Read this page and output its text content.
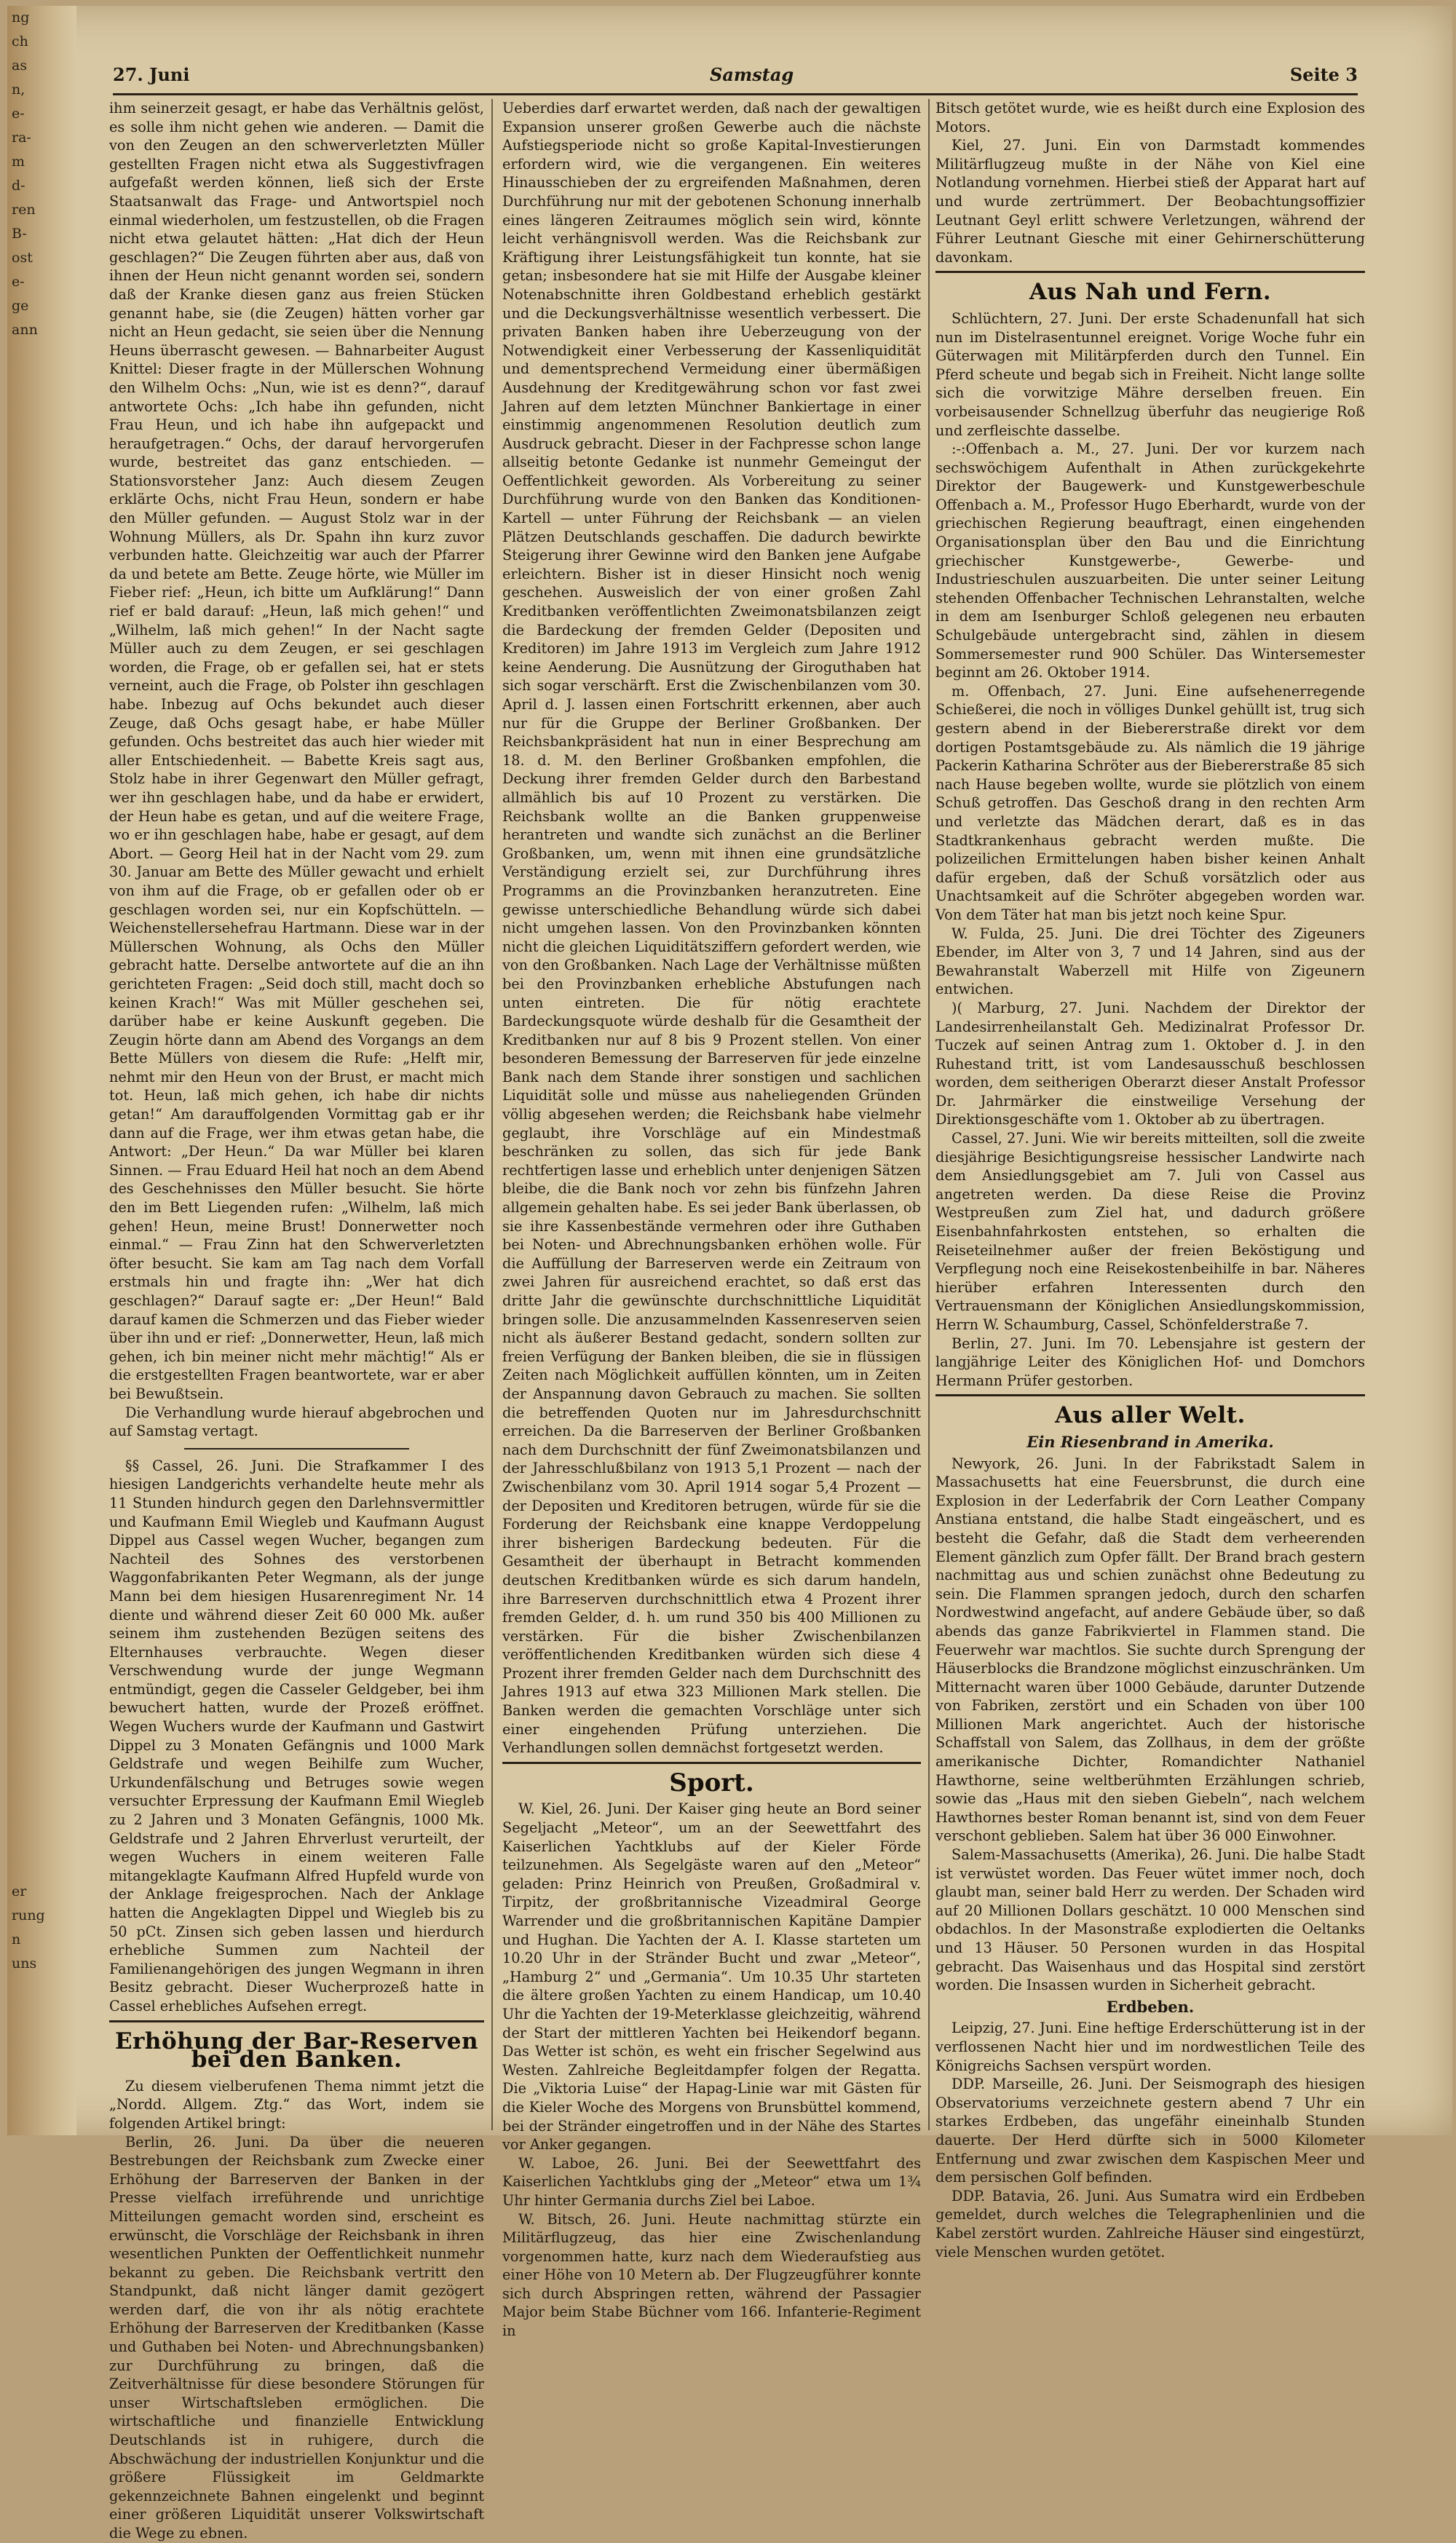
ng
ch
as
n,
e-
ra-
m
d-
ren
B-
ost
e-
ge
ann

er
rung
n
uns

27. Juni	Samstag	Seite 3

ihm seinerzeit gesagt, er habe das Verhältnis gelöst, es solle ihm nicht gehen wie anderen. — Damit die von den Zeugen an den schwerverletzten Müller gestellten Fragen nicht etwa als Suggestivfragen aufgefaßt werden können, ließ sich der Erste Staatsanwalt das Frage- und Antwortspiel noch einmal wiederholen, um festzustellen, ob die Fragen nicht etwa gelautet hätten: „Hat dich der Heun geschlagen?“ Die Zeugen führten aber aus, daß von ihnen der Heun nicht genannt worden sei, sondern daß der Kranke diesen ganz aus freien Stücken genannt habe, sie (die Zeugen) hätten vorher gar nicht an Heun gedacht, sie seien über die Nennung Heuns überrascht gewesen. — Bahnarbeiter August Knittel: Dieser fragte in der Müllerschen Wohnung den Wilhelm Ochs: „Nun, wie ist es denn?“, darauf antwortete Ochs: „Ich habe ihn gefunden, nicht Frau Heun, und ich habe ihn aufgepackt und heraufgetragen.“ Ochs, der darauf hervorgerufen wurde, bestreitet das ganz entschieden. — Stationsvorsteher Janz: Auch diesem Zeugen erklärte Ochs, nicht Frau Heun, sondern er habe den Müller gefunden. — August Stolz war in der Wohnung Müllers, als Dr. Spahn ihn kurz zuvor verbunden hatte. Gleichzeitig war auch der Pfarrer da und betete am Bette. Zeuge hörte, wie Müller im Fieber rief: „Heun, ich bitte um Aufklärung!“ Dann rief er bald darauf: „Heun, laß mich gehen!“ und „Wilhelm, laß mich gehen!“ In der Nacht sagte Müller auch zu dem Zeugen, er sei geschlagen worden, die Frage, ob er gefallen sei, hat er stets verneint, auch die Frage, ob Polster ihn geschlagen habe. Inbezug auf Ochs bekundet auch dieser Zeuge, daß Ochs gesagt habe, er habe Müller gefunden. Ochs bestreitet das auch hier wieder mit aller Entschiedenheit. — Babette Kreis sagt aus, Stolz habe in ihrer Gegenwart den Müller gefragt, wer ihn geschlagen habe, und da habe er erwidert, der Heun habe es getan, und auf die weitere Frage, wo er ihn geschlagen habe, habe er gesagt, auf dem Abort. — Georg Heil hat in der Nacht vom 29. zum 30. Januar am Bette des Müller gewacht und erhielt von ihm auf die Frage, ob er gefallen oder ob er geschlagen worden sei, nur ein Kopfschütteln. — Weichenstellersehefrau Hartmann. Diese war in der Müllerschen Wohnung, als Ochs den Müller gebracht hatte. Derselbe antwortete auf die an ihn gerichteten Fragen: „Seid doch still, macht doch so keinen Krach!“ Was mit Müller geschehen sei, darüber habe er keine Auskunft gegeben. Die Zeugin hörte dann am Abend des Vorgangs an dem Bette Müllers von diesem die Rufe: „Helft mir, nehmt mir den Heun von der Brust, er macht mich tot. Heun, laß mich gehen, ich habe dir nichts getan!“ Am darauffolgenden Vormittag gab er ihr dann auf die Frage, wer ihm etwas getan habe, die Antwort: „Der Heun.“ Da war Müller bei klaren Sinnen. — Frau Eduard Heil hat noch an dem Abend des Geschehnisses den Müller besucht. Sie hörte den im Bett Liegenden rufen: „Wilhelm, laß mich gehen! Heun, meine Brust! Donnerwetter noch einmal.“ — Frau Zinn hat den Schwerverletzten öfter besucht. Sie kam am Tag nach dem Vorfall erstmals hin und fragte ihn: „Wer hat dich geschlagen?“ Darauf sagte er: „Der Heun!“ Bald darauf kamen die Schmerzen und das Fieber wieder über ihn und er rief: „Donnerwetter, Heun, laß mich gehen, ich bin meiner nicht mehr mächtig!“ Als er die erstgestellten Fragen beantwortete, war er aber bei Bewußtsein.

Die Verhandlung wurde hierauf abgebrochen und auf Samstag vertagt.

§§ Cassel, 26. Juni. Die Strafkammer I des hiesigen Landgerichts verhandelte heute mehr als 11 Stunden hindurch gegen den Darlehnsvermittler und Kaufmann Emil Wiegleb und Kaufmann August Dippel aus Cassel wegen Wucher, begangen zum Nachteil des Sohnes des verstorbenen Waggonfabrikanten Peter Wegmann, als der junge Mann bei dem hiesigen Husarenregiment Nr. 14 diente und während dieser Zeit 60 000 Mk. außer seinem ihm zustehenden Bezügen seitens des Elternhauses verbrauchte. Wegen dieser Verschwendung wurde der junge Wegmann entmündigt, gegen die Casseler Geldgeber, bei ihm bewuchert hatten, wurde der Prozeß eröffnet. Wegen Wuchers wurde der Kaufmann und Gastwirt Dippel zu 3 Monaten Gefängnis und 1000 Mark Geldstrafe und wegen Beihilfe zum Wucher, Urkundenfälschung und Betruges sowie wegen versuchter Erpressung der Kaufmann Emil Wiegleb zu 2 Jahren und 3 Monaten Gefängnis, 1000 Mk. Geldstrafe und 2 Jahren Ehrverlust verurteilt, der wegen Wuchers in einem weiteren Falle mitangeklagte Kaufmann Alfred Hupfeld wurde von der Anklage freigesprochen. Nach der Anklage hatten die Angeklagten Dippel und Wiegleb bis zu 50 pCt. Zinsen sich geben lassen und hierdurch erhebliche Summen zum Nachteil der Familienangehörigen des jungen Wegmann in ihren Besitz gebracht. Dieser Wucherprozeß hatte in Cassel erhebliches Aufsehen erregt.

Erhöhung der Bar-Reserven bei den Banken.

Zu diesem vielberufenen Thema nimmt jetzt die „Nordd. Allgem. Ztg.“ das Wort, indem sie folgenden Artikel bringt:

Berlin, 26. Juni. Da über die neueren Bestrebungen der Reichsbank zum Zwecke einer Erhöhung der Barreserven der Banken in der Presse vielfach irreführende und unrichtige Mitteilungen gemacht worden sind, erscheint es erwünscht, die Vorschläge der Reichsbank in ihren wesentlichen Punkten der Oeffentlichkeit nunmehr bekannt zu geben. Die Reichsbank vertritt den Standpunkt, daß nicht länger damit gezögert werden darf, die von ihr als nötig erachtete Erhöhung der Barreserven der Kreditbanken (Kasse und Guthaben bei Noten- und Abrechnungsbanken) zur Durchführung zu bringen, daß die Zeitverhältnisse für diese besondere Störungen für unser Wirtschaftsleben ermöglichen. Die wirtschaftliche und finanzielle Entwicklung Deutschlands ist in ruhigere, durch die Abschwächung der industriellen Konjunktur und die größere Flüssigkeit im Geldmarkte gekennzeichnete Bahnen eingelenkt und beginnt einer größeren Liquidität unserer Volkswirtschaft die Wege zu ebnen.

Ueberdies darf erwartet werden, daß nach der gewaltigen Expansion unserer großen Gewerbe auch die nächste Aufstiegsperiode nicht so große Kapital-Investierungen erfordern wird, wie die vergangenen. Ein weiteres Hinausschieben der zu ergreifenden Maßnahmen, deren Durchführung nur mit der gebotenen Schonung innerhalb eines längeren Zeitraumes möglich sein wird, könnte leicht verhängnisvoll werden. Was die Reichsbank zur Kräftigung ihrer Leistungsfähigkeit tun konnte, hat sie getan; insbesondere hat sie mit Hilfe der Ausgabe kleiner Notenabschnitte ihren Goldbestand erheblich gestärkt und die Deckungsverhältnisse wesentlich verbessert. Die privaten Banken haben ihre Ueberzeugung von der Notwendigkeit einer Verbesserung der Kassenliquidität und dementsprechend Vermeidung einer übermäßigen Ausdehnung der Kreditgewährung schon vor fast zwei Jahren auf dem letzten Münchner Bankiertage in einer einstimmig angenommenen Resolution deutlich zum Ausdruck gebracht. Dieser in der Fachpresse schon lange allseitig betonte Gedanke ist nunmehr Gemeingut der Oeffentlichkeit geworden. Als Vorbereitung zu seiner Durchführung wurde von den Banken das Konditionen-Kartell — unter Führung der Reichsbank — an vielen Plätzen Deutschlands geschaffen. Die dadurch bewirkte Steigerung ihrer Gewinne wird den Banken jene Aufgabe erleichtern. Bisher ist in dieser Hinsicht noch wenig geschehen. Ausweislich der von einer großen Zahl Kreditbanken veröffentlichten Zweimonatsbilanzen zeigt die Bardeckung der fremden Gelder (Depositen und Kreditoren) im Jahre 1913 im Vergleich zum Jahre 1912 keine Aenderung. Die Ausnützung der Giroguthaben hat sich sogar verschärft. Erst die Zwischenbilanzen vom 30. April d. J. lassen einen Fortschritt erkennen, aber auch nur für die Gruppe der Berliner Großbanken. Der Reichsbankpräsident hat nun in einer Besprechung am 18. d. M. den Berliner Großbanken empfohlen, die Deckung ihrer fremden Gelder durch den Barbestand allmählich bis auf 10 Prozent zu verstärken. Die Reichsbank wollte an die Banken gruppenweise herantreten und wandte sich zunächst an die Berliner Großbanken, um, wenn mit ihnen eine grundsätzliche Verständigung erzielt sei, zur Durchführung ihres Programms an die Provinzbanken heranzutreten. Eine gewisse unterschiedliche Behandlung würde sich dabei nicht umgehen lassen. Von den Provinzbanken könnten nicht die gleichen Liquiditätsziffern gefordert werden, wie von den Großbanken. Nach Lage der Verhältnisse müßten bei den Provinzbanken erhebliche Abstufungen nach unten eintreten. Die für nötig erachtete Bardeckungsquote würde deshalb für die Gesamtheit der Kreditbanken nur auf 8 bis 9 Prozent stellen. Von einer besonderen Bemessung der Barreserven für jede einzelne Bank nach dem Stande ihrer sonstigen und sachlichen Liquidität solle und müsse aus naheliegenden Gründen völlig abgesehen werden; die Reichsbank habe vielmehr geglaubt, ihre Vorschläge auf ein Mindestmaß beschränken zu sollen, das sich für jede Bank rechtfertigen lasse und erheblich unter denjenigen Sätzen bleibe, die die Bank noch vor zehn bis fünfzehn Jahren allgemein gehalten habe. Es sei jeder Bank überlassen, ob sie ihre Kassenbestände vermehren oder ihre Guthaben bei Noten- und Abrechnungsbanken erhöhen wolle. Für die Auffüllung der Barreserven werde ein Zeitraum von zwei Jahren für ausreichend erachtet, so daß erst das dritte Jahr die gewünschte durchschnittliche Liquidität bringen solle. Die anzusammelnden Kassenreserven seien nicht als äußerer Bestand gedacht, sondern sollten zur freien Verfügung der Banken bleiben, die sie in flüssigen Zeiten nach Möglichkeit auffüllen könnten, um in Zeiten der Anspannung davon Gebrauch zu machen. Sie sollten die betreffenden Quoten nur im Jahresdurchschnitt erreichen. Da die Barreserven der Berliner Großbanken nach dem Durchschnitt der fünf Zweimonatsbilanzen und der Jahresschlußbilanz von 1913 5,1 Prozent — nach der Zwischenbilanz vom 30. April 1914 sogar 5,4 Prozent — der Depositen und Kreditoren betrugen, würde für sie die Forderung der Reichsbank eine knappe Verdoppelung ihrer bisherigen Bardeckung bedeuten. Für die Gesamtheit der überhaupt in Betracht kommenden deutschen Kreditbanken würde es sich darum handeln, ihre Barreserven durchschnittlich etwa 4 Prozent ihrer fremden Gelder, d. h. um rund 350 bis 400 Millionen zu verstärken. Für die bisher Zwischenbilanzen veröffentlichenden Kreditbanken würden sich diese 4 Prozent ihrer fremden Gelder nach dem Durchschnitt des Jahres 1913 auf etwa 323 Millionen Mark stellen. Die Banken werden die gemachten Vorschläge unter sich einer eingehenden Prüfung unterziehen. Die Verhandlungen sollen demnächst fortgesetzt werden.

Sport.

W. Kiel, 26. Juni. Der Kaiser ging heute an Bord seiner Segeljacht „Meteor“, um an der Seewettfahrt des Kaiserlichen Yachtklubs auf der Kieler Förde teilzunehmen. Als Segelgäste waren auf den „Meteor“ geladen: Prinz Heinrich von Preußen, Großadmiral v. Tirpitz, der großbritannische Vizeadmiral George Warrender und die großbritannischen Kapitäne Dampier und Hughan. Die Yachten der A. I. Klasse starteten um 10.20 Uhr in der Stränder Bucht und zwar „Meteor“, „Hamburg 2“ und „Germania“. Um 10.35 Uhr starteten die ältere großen Yachten zu einem Handicap, um 10.40 Uhr die Yachten der 19-Meterklasse gleichzeitig, während der Start der mittleren Yachten bei Heikendorf begann. Das Wetter ist schön, es weht ein frischer Segelwind aus Westen. Zahlreiche Begleitdampfer folgen der Regatta. Die „Viktoria Luise“ der Hapag-Linie war mit Gästen für die Kieler Woche des Morgens von Brunsbüttel kommend, bei der Stränder eingetroffen und in der Nähe des Startes vor Anker gegangen.

W. Laboe, 26. Juni. Bei der Seewettfahrt des Kaiserlichen Yachtklubs ging der „Meteor“ etwa um 1¾ Uhr hinter Germania durchs Ziel bei Laboe.

W. Bitsch, 26. Juni. Heute nachmittag stürzte ein Militärflugzeug, das hier eine Zwischenlandung vorgenommen hatte, kurz nach dem Wiederaufstieg aus einer Höhe von 10 Metern ab. Der Flugzeugführer konnte sich durch Abspringen retten, während der Passagier Major beim Stabe Büchner vom 166. Infanterie-Regiment in

Bitsch getötet wurde, wie es heißt durch eine Explosion des Motors.

Kiel, 27. Juni. Ein von Darmstadt kommendes Militärflugzeug mußte in der Nähe von Kiel eine Notlandung vornehmen. Hierbei stieß der Apparat hart auf und wurde zertrümmert. Der Beobachtungsoffizier Leutnant Geyl erlitt schwere Verletzungen, während der Führer Leutnant Giesche mit einer Gehirnerschütterung davonkam.

Aus Nah und Fern.

Schlüchtern, 27. Juni. Der erste Schadenunfall hat sich nun im Distelrasentunnel ereignet. Vorige Woche fuhr ein Güterwagen mit Militärpferden durch den Tunnel. Ein Pferd scheute und begab sich in Freiheit. Nicht lange sollte sich die vorwitzige Mähre derselben freuen. Ein vorbeisausender Schnellzug überfuhr das neugierige Roß und zerfleischte dasselbe.

:-:Offenbach a. M., 27. Juni. Der vor kurzem nach sechswöchigem Aufenthalt in Athen zurückgekehrte Direktor der Baugewerk- und Kunstgewerbeschule Offenbach a. M., Professor Hugo Eberhardt, wurde von der griechischen Regierung beauftragt, einen eingehenden Organisationsplan über den Bau und die Einrichtung griechischer Kunstgewerbe-, Gewerbe- und Industrieschulen auszuarbeiten. Die unter seiner Leitung stehenden Offenbacher Technischen Lehranstalten, welche in dem am Isenburger Schloß gelegenen neu erbauten Schulgebäude untergebracht sind, zählen in diesem Sommersemester rund 900 Schüler. Das Wintersemester beginnt am 26. Oktober 1914.

m. Offenbach, 27. Juni. Eine aufsehenerregende Schießerei, die noch in völliges Dunkel gehüllt ist, trug sich gestern abend in der Biebererstraße direkt vor dem dortigen Postamtsgebäude zu. Als nämlich die 19 jährige Packerin Katharina Schröter aus der Biebererstraße 85 sich nach Hause begeben wollte, wurde sie plötzlich von einem Schuß getroffen. Das Geschoß drang in den rechten Arm und verletzte das Mädchen derart, daß es in das Stadtkrankenhaus gebracht werden mußte. Die polizeilichen Ermittelungen haben bisher keinen Anhalt dafür ergeben, daß der Schuß vorsätzlich oder aus Unachtsamkeit auf die Schröter abgegeben worden war. Von dem Täter hat man bis jetzt noch keine Spur.

W. Fulda, 25. Juni. Die drei Töchter des Zigeuners Ebender, im Alter von 3, 7 und 14 Jahren, sind aus der Bewahranstalt Waberzell mit Hilfe von Zigeunern entwichen.

)( Marburg, 27. Juni. Nachdem der Direktor der Landesirrenheilanstalt Geh. Medizinalrat Professor Dr. Tuczek auf seinen Antrag zum 1. Oktober d. J. in den Ruhestand tritt, ist vom Landesausschuß beschlossen worden, dem seitherigen Oberarzt dieser Anstalt Professor Dr. Jahrmärker die einstweilige Versehung der Direktionsgeschäfte vom 1. Oktober ab zu übertragen.

Cassel, 27. Juni. Wie wir bereits mitteilten, soll die zweite diesjährige Besichtigungsreise hessischer Landwirte nach dem Ansiedlungsgebiet am 7. Juli von Cassel aus angetreten werden. Da diese Reise die Provinz Westpreußen zum Ziel hat, und dadurch größere Eisenbahnfahrkosten entstehen, so erhalten die Reiseteilnehmer außer der freien Beköstigung und Verpflegung noch eine Reisekostenbeihilfe in bar. Näheres hierüber erfahren Interessenten durch den Vertrauensmann der Königlichen Ansiedlungskommission, Herrn W. Schaumburg, Cassel, Schönfelderstraße 7.

Berlin, 27. Juni. Im 70. Lebensjahre ist gestern der langjährige Leiter des Königlichen Hof- und Domchors Hermann Prüfer gestorben.

Aus aller Welt.
Ein Riesenbrand in Amerika.

Newyork, 26. Juni. In der Fabrikstadt Salem in Massachusetts hat eine Feuersbrunst, die durch eine Explosion in der Lederfabrik der Corn Leather Company Anstiana entstand, die halbe Stadt eingeäschert, und es besteht die Gefahr, daß die Stadt dem verheerenden Element gänzlich zum Opfer fällt. Der Brand brach gestern nachmittag aus und schien zunächst ohne Bedeutung zu sein. Die Flammen sprangen jedoch, durch den scharfen Nordwestwind angefacht, auf andere Gebäude über, so daß abends das ganze Fabrikviertel in Flammen stand. Die Feuerwehr war machtlos. Sie suchte durch Sprengung der Häuserblocks die Brandzone möglichst einzuschränken. Um Mitternacht waren über 1000 Gebäude, darunter Dutzende von Fabriken, zerstört und ein Schaden von über 100 Millionen Mark angerichtet. Auch der historische Schaffstall von Salem, das Zollhaus, in dem der größte amerikanische Dichter, Romandichter Nathaniel Hawthorne, seine weltberühmten Erzählungen schrieb, sowie das „Haus mit den sieben Giebeln“, nach welchem Hawthornes bester Roman benannt ist, sind von dem Feuer verschont geblieben. Salem hat über 36 000 Einwohner.

Salem-Massachusetts (Amerika), 26. Juni. Die halbe Stadt ist verwüstet worden. Das Feuer wütet immer noch, doch glaubt man, seiner bald Herr zu werden. Der Schaden wird auf 20 Millionen Dollars geschätzt. 10 000 Menschen sind obdachlos. In der Masonstraße explodierten die Oeltanks und 13 Häuser. 50 Personen wurden in das Hospital gebracht. Das Waisenhaus und das Hospital sind zerstört worden. Die Insassen wurden in Sicherheit gebracht.

Erdbeben.

Leipzig, 27. Juni. Eine heftige Erderschütterung ist in der verflossenen Nacht hier und im nordwestlichen Teile des Königreichs Sachsen verspürt worden.

DDP. Marseille, 26. Juni. Der Seismograph des hiesigen Observatoriums verzeichnete gestern abend 7 Uhr ein starkes Erdbeben, das ungefähr eineinhalb Stunden dauerte. Der Herd dürfte sich in 5000 Kilometer Entfernung und zwar zwischen dem Kaspischen Meer und dem persischen Golf befinden.

DDP. Batavia, 26. Juni. Aus Sumatra wird ein Erdbeben gemeldet, durch welches die Telegraphenlinien und die Kabel zerstört wurden. Zahlreiche Häuser sind eingestürzt, viele Menschen wurden getötet.
